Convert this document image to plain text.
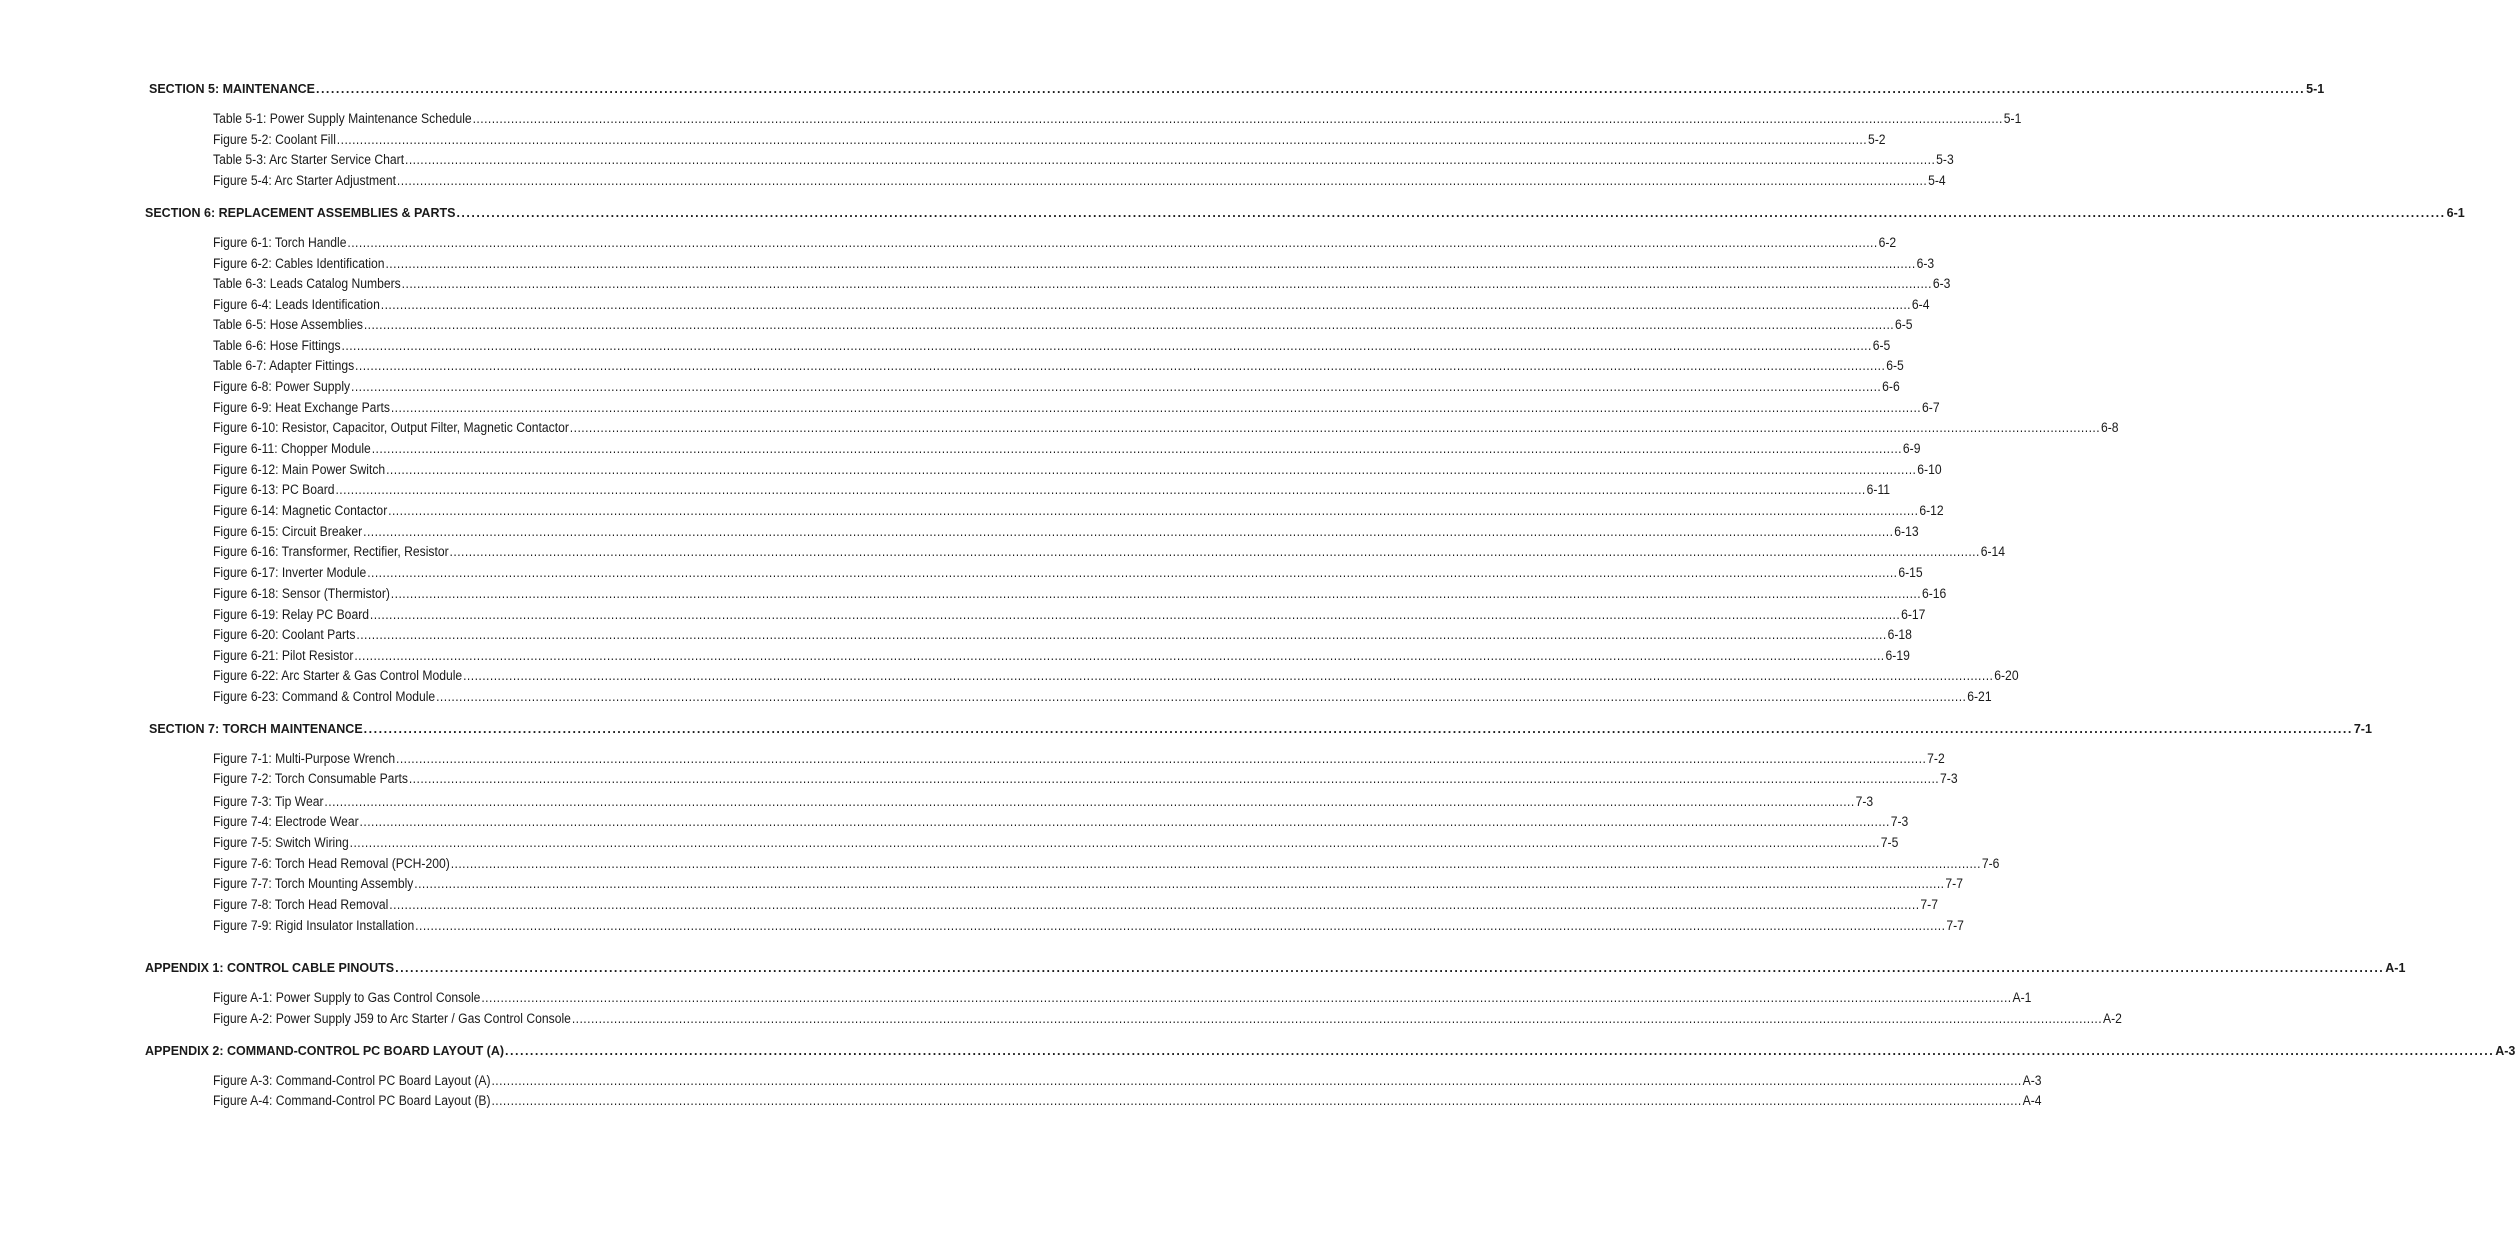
SECTION 5: MAINTENANCE ................................................................................................................................................................................................................................................................................................................................................................................................................ 5-1
Table 5-1: Power Supply Maintenance Schedule ................................................................................................................................................................................................................................................................................................................................................................................................................ 5-1
Figure 5-2: Coolant Fill ................................................................................................................................................................................................................................................................................................................................................................................................................ 5-2
Table 5-3: Arc Starter Service Chart ................................................................................................................................................................................................................................................................................................................................................................................................................ 5-3
Figure 5-4: Arc Starter Adjustment ................................................................................................................................................................................................................................................................................................................................................................................................................ 5-4
SECTION 6: REPLACEMENT ASSEMBLIES & PARTS ................................................................................................................................................................................................................................................................................................................................................................................................................ 6-1
Figure 6-1: Torch Handle ................................................................................................................................................................................................................................................................................................................................................................................................................ 6-2
Figure 6-2: Cables Identification ................................................................................................................................................................................................................................................................................................................................................................................................................ 6-3
Table 6-3: Leads Catalog Numbers ................................................................................................................................................................................................................................................................................................................................................................................................................ 6-3
Figure 6-4: Leads Identification ................................................................................................................................................................................................................................................................................................................................................................................................................ 6-4
Table 6-5: Hose Assemblies ................................................................................................................................................................................................................................................................................................................................................................................................................ 6-5
Table 6-6: Hose Fittings ................................................................................................................................................................................................................................................................................................................................................................................................................ 6-5
Table 6-7: Adapter Fittings ................................................................................................................................................................................................................................................................................................................................................................................................................ 6-5
Figure 6-8: Power Supply ................................................................................................................................................................................................................................................................................................................................................................................................................ 6-6
Figure 6-9: Heat Exchange Parts ................................................................................................................................................................................................................................................................................................................................................................................................................ 6-7
Figure 6-10: Resistor, Capacitor, Output Filter, Magnetic Contactor ................................................................................................................................................................................................................................................................................................................................................................................................................ 6-8
Figure 6-11: Chopper Module ................................................................................................................................................................................................................................................................................................................................................................................................................ 6-9
Figure 6-12: Main Power Switch ................................................................................................................................................................................................................................................................................................................................................................................................................ 6-10
Figure 6-13: PC Board ................................................................................................................................................................................................................................................................................................................................................................................................................ 6-11
Figure 6-14: Magnetic Contactor ................................................................................................................................................................................................................................................................................................................................................................................................................ 6-12
Figure 6-15: Circuit Breaker ................................................................................................................................................................................................................................................................................................................................................................................................................ 6-13
Figure 6-16: Transformer, Rectifier, Resistor ................................................................................................................................................................................................................................................................................................................................................................................................................ 6-14
Figure 6-17: Inverter Module ................................................................................................................................................................................................................................................................................................................................................................................................................ 6-15
Figure 6-18: Sensor (Thermistor) ................................................................................................................................................................................................................................................................................................................................................................................................................ 6-16
Figure 6-19: Relay PC Board ................................................................................................................................................................................................................................................................................................................................................................................................................ 6-17
Figure 6-20: Coolant Parts ................................................................................................................................................................................................................................................................................................................................................................................................................ 6-18
Figure 6-21: Pilot Resistor ................................................................................................................................................................................................................................................................................................................................................................................................................ 6-19
Figure 6-22: Arc Starter & Gas Control Module ................................................................................................................................................................................................................................................................................................................................................................................................................ 6-20
Figure 6-23: Command & Control Module ................................................................................................................................................................................................................................................................................................................................................................................................................ 6-21
SECTION 7: TORCH MAINTENANCE ................................................................................................................................................................................................................................................................................................................................................................................................................ 7-1
Figure 7-1: Multi-Purpose Wrench ................................................................................................................................................................................................................................................................................................................................................................................................................ 7-2
Figure 7-2: Torch Consumable Parts ................................................................................................................................................................................................................................................................................................................................................................................................................ 7-3
Figure 7-3: Tip Wear ................................................................................................................................................................................................................................................................................................................................................................................................................ 7-3
Figure 7-4: Electrode Wear ................................................................................................................................................................................................................................................................................................................................................................................................................ 7-3
Figure 7-5: Switch Wiring ................................................................................................................................................................................................................................................................................................................................................................................................................ 7-5
Figure 7-6: Torch Head Removal (PCH-200) ................................................................................................................................................................................................................................................................................................................................................................................................................ 7-6
Figure 7-7: Torch Mounting Assembly ................................................................................................................................................................................................................................................................................................................................................................................................................ 7-7
Figure 7-8: Torch Head Removal ................................................................................................................................................................................................................................................................................................................................................................................................................ 7-7
Figure 7-9: Rigid Insulator Installation ................................................................................................................................................................................................................................................................................................................................................................................................................ 7-7
APPENDIX 1: CONTROL CABLE PINOUTS ................................................................................................................................................................................................................................................................................................................................................................................................................ A-1
Figure A-1: Power Supply to Gas Control Console ................................................................................................................................................................................................................................................................................................................................................................................................................ A-1
Figure A-2: Power Supply J59 to Arc Starter / Gas Control Console ................................................................................................................................................................................................................................................................................................................................................................................................................ A-2
APPENDIX 2: COMMAND-CONTROL PC BOARD LAYOUT (A) ................................................................................................................................................................................................................................................................................................................................................................................................................ A-3
Figure A-3: Command-Control PC Board Layout (A) ................................................................................................................................................................................................................................................................................................................................................................................................................ A-3
Figure A-4: Command-Control PC Board Layout (B) ................................................................................................................................................................................................................................................................................................................................................................................................................ A-4
